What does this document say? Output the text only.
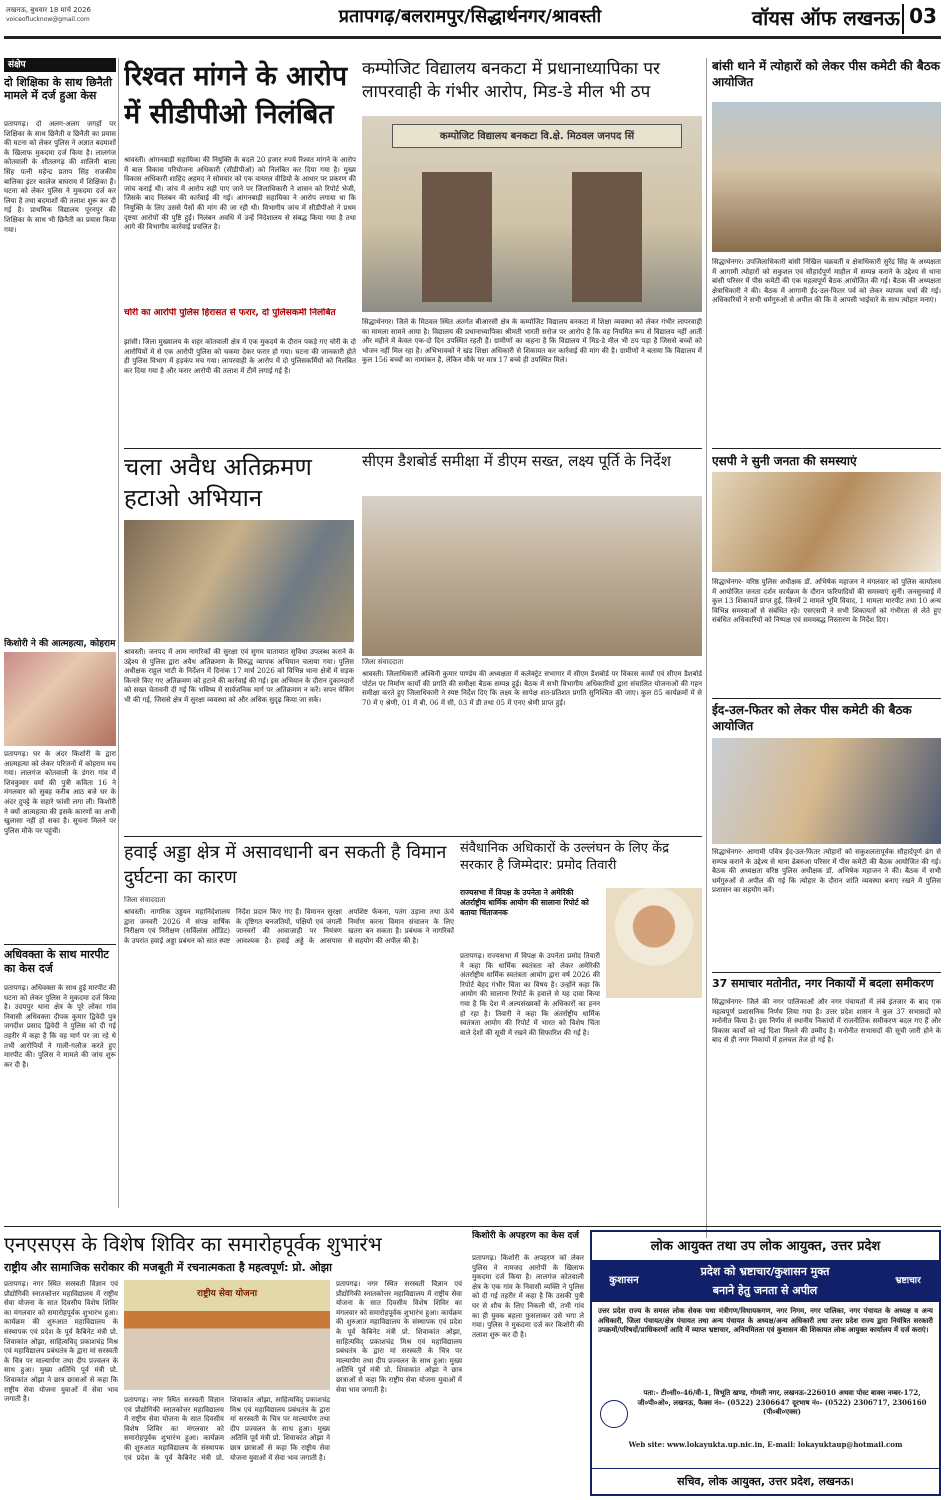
लखनऊ, बुधवार 18 मार्च 2026
voiceoflucknow@gmail.com	प्रतापगढ़/बलरामपुर/सिद्धार्थनगर/श्रावस्ती	वॉयस ऑफ लखनऊ 03
संक्षेप
दो शिक्षिका के साथ छिनैती मामले में दर्ज हुआ केस
प्रतापगढ़। दो अलग-अलग जगहों पर शिक्षिका के साथ छिनैती व छिनैती का प्रयास की घटना को लेकर पुलिस ने अज्ञात बदमाशों के खिलाफ मुकदमा दर्ज किया है। लालगंज कोतवाली के शीतलगढ़ की शालिनी बाला सिंह पत्नी महेन्द्र प्रताप सिंह राजकीय बालिका इंटर कालेज बाघराय में शिक्षिका हैं। घटना को लेकर पुलिस ने मुकदमा दर्ज कर लिया है तथा बदमाशों की तलाश शुरू कर दी गई है। प्राथमिक विद्यालय पूरनपुर की शिक्षिका के साथ भी छिनैती का प्रयास किया गया।
किशोरी ने की आत्महत्या, कोहराम
प्रतापगढ़। घर के अंदर किशोरी के द्वारा आत्महत्या को लेकर परिजनों में कोहराम मच गया। लालगंज कोतवाली के डंगरा गांव में शिवकुमार वर्मा की पुत्री कविता 16 ने मंगलवार को सुबह करीब आठ बजे घर के अंदर दुपट्टे के सहारे फांसी लगा ली। किशोरी ने क्यों आत्महत्या की इसके कारणों का अभी खुलासा नहीं हो सका है। सूचना मिलने पर पुलिस मौके पर पहुंची।
अधिवक्ता के साथ मारपीट का केस दर्ज
प्रतापगढ़। अधिवक्ता के साथ हुई मारपीट की घटना को लेकर पुलिस ने मुकदमा दर्ज किया है। उदयपुर थाना क्षेत्र के पूरे लोका गांव निवासी अधिवक्ता दीपक कुमार द्विवेदी पुत्र जगदीश प्रसाद द्विवेदी ने पुलिस को दी गई तहरीर में कहा है कि वह मार्ग पर जा रहे थे तभी आरोपियों ने गाली-गलौज करते हुए मारपीट की। पुलिस ने मामले की जांच शुरू कर दी है।
रिश्वत मांगने के आरोप में सीडीपीओ निलंबित
श्रावस्ती। आंगनबाड़ी सहायिका की नियुक्ति के बदले 20 हजार रुपये रिश्वत मांगने के आरोप में बाल विकास परियोजना अधिकारी (सीडीपीओ) को निलंबित कर दिया गया है। मुख्य विकास अधिकारी शाहिद अहमद ने सोमवार को एक वायरल वीडियो के आधार पर प्रकरण की जांच कराई थी। जांच में आरोप सही पाए जाने पर जिलाधिकारी ने शासन को रिपोर्ट भेजी, जिसके बाद निलंबन की कार्रवाई की गई। आंगनबाड़ी सहायिका ने आरोप लगाया था कि नियुक्ति के लिए उससे पैसों की मांग की जा रही थी। विभागीय जांच में सीडीपीओ ने प्रथम दृष्टया आरोपों की पुष्टि हुई। निलंबन अवधि में उन्हें निदेशालय से संबद्ध किया गया है तथा आगे की विभागीय कार्रवाई प्रचलित है।
चोरी का आरोपी पुलिस हिरासत से फरार, दो पुलिसकर्मी निलंबित
झांसी। जिला मुख्यालय के शहर कोतवाली क्षेत्र में एक मुकदमे के दौरान पकड़े गए चोरी के दो आरोपियों में से एक आरोपी पुलिस को चकमा देकर फरार हो गया। घटना की जानकारी होते ही पुलिस विभाग में हड़कंप मच गया। लापरवाही के आरोप में दो पुलिसकर्मियों को निलंबित कर दिया गया है और फरार आरोपी की तलाश में टीमें लगाई गई हैं।
कम्पोजिट विद्यालय बनकटा में प्रधानाध्यापिका पर लापरवाही के गंभीर आरोप, मिड-डे मील भी ठप
कम्पोजिट विद्यालय बनकटा वि.क्षे. मिठवल जनपद सिं
सिद्धार्थनगर। जिले के मिठवल स्थित अंतर्गत बीआरसी क्षेत्र के कम्पोजिट विद्यालय बनकटा में शिक्षा व्यवस्था को लेकर गंभीर लापरवाही का मामला सामने आया है। विद्यालय की प्रधानाध्यापिका श्रीमती भारती सरोज पर आरोप है कि वह नियमित रूप से विद्यालय नहीं आतीं और महीने में केवल एक-दो दिन उपस्थित रहती हैं। ग्रामीणों का कहना है कि विद्यालय में मिड-डे मील भी ठप पड़ा है जिससे बच्चों को भोजन नहीं मिल रहा है। अभिभावकों ने खंड शिक्षा अधिकारी से शिकायत कर कार्रवाई की मांग की है। ग्रामीणों ने बताया कि विद्यालय में कुल 156 बच्चों का नामांकन है, लेकिन मौके पर मात्र 17 बच्चे ही उपस्थित मिले।
बांसी थाने में त्योहारों को लेकर पीस कमेटी की बैठक आयोजित
सिद्धार्थनगर। उपजिलाधिकारी बांसी निखिल चक्रवर्ती व क्षेत्राधिकारी सुरेंद्र सिंह के अध्यक्षता में आगामी त्योहारों को सकुशल एवं सौहार्दपूर्ण माहौल में सम्पन्न कराने के उद्देश्य से थाना बांसी परिसर में पीस कमेटी की एक महत्वपूर्ण बैठक आयोजित की गई। बैठक की अध्यक्षता क्षेत्राधिकारी ने की। बैठक में आगामी ईद-उल-फितर पर्व को लेकर व्यापक चर्चा की गई। अधिकारियों ने सभी धर्मगुरुओं से अपील की कि वे आपसी भाईचारे के साथ त्योहार मनाएं।
एसपी ने सुनी जनता की समस्याएं
सिद्धार्थनगर- वरिष्ठ पुलिस अधीक्षक डॉ. अभिषेक महाजन ने मंगलवार को पुलिस कार्यालय में आयोजित जनता दर्शन कार्यक्रम के दौरान फरियादियों की समस्याएं सुनीं। जनसुनवाई में कुल 13 शिकायतें प्राप्त हुईं, जिनमें 2 मामले भूमि विवाद, 1 मामला मारपीट तथा 10 अन्य विभिन्न समस्याओं से संबंधित रहे। एसएसपी ने सभी शिकायतों को गंभीरता से लेते हुए संबंधित अधिकारियों को निष्पक्ष एवं समयबद्ध निस्तारण के निर्देश दिए।
चला अवैध अतिक्रमण हटाओ अभियान
श्रावस्ती। जनपद में आम नागरिकों की सुरक्षा एवं सुगम यातायात सुविधा उपलब्ध कराने के उद्देश्य से पुलिस द्वारा अवैध अतिक्रमण के विरुद्ध व्यापक अभियान चलाया गया। पुलिस अधीक्षक राहुल भाटी के निर्देशन में दिनांक 17 मार्च 2026 को विभिन्न थाना क्षेत्रों में सड़क किनारे किए गए अतिक्रमण को हटाने की कार्रवाई की गई। इस अभियान के दौरान दुकानदारों को सख्त चेतावनी दी गई कि भविष्य में सार्वजनिक मार्ग पर अतिक्रमण न करें। सपन चेकिंग भी की गई, जिससे क्षेत्र में सुरक्षा व्यवस्था को और अधिक सुदृढ़ किया जा सके।
सीएम डैशबोर्ड समीक्षा में डीएम सख्त, लक्ष्य पूर्ति के निर्देश
जिला संवाददाता
श्रावस्ती। जिलाधिकारी अश्विनी कुमार पाण्डेय की अध्यक्षता में कलेक्ट्रेट सभागार में सीएम डैशबोर्ड पर विकास कार्यों एवं सीएम डैशबोर्ड पोर्टल पर निर्माण कार्यों की प्रगति की समीक्षा बैठक सम्पन्न हुई। बैठक में सभी विभागीय अधिकारियों द्वारा संचालित योजनाओं की गहन समीक्षा करते हुए जिलाधिकारी ने स्पष्ट निर्देश दिए कि लक्ष्य के सापेक्ष शत-प्रतिशत प्रगति सुनिश्चित की जाए। कुल 85 कार्यक्रमों में से 70 में ए श्रेणी, 01 में बी, 06 में सी, 03 में डी तथा 05 में एनए श्रेणी प्राप्त हुई।
ईद-उल-फितर को लेकर पीस कमेटी की बैठक आयोजित
सिद्धार्थनगर- आगामी पवित्र ईद-उल-फितर त्योहारों को सकुशलतापूर्वक सौहार्दपूर्ण ढंग से सम्पन्न कराने के उद्देश्य से थाना ढेबरुआ परिसर में पीस कमेटी की बैठक आयोजित की गई। बैठक की अध्यक्षता वरिष्ठ पुलिस अधीक्षक डॉ. अभिषेक महाजन ने की। बैठक में सभी धर्मगुरुओं से अपील की गई कि त्योहार के दौरान शांति व्यवस्था बनाए रखने में पुलिस प्रशासन का सहयोग करें।
हवाई अड्डा क्षेत्र में असावधानी बन सकती है विमान दुर्घटना का कारण
जिला संवाददाता
श्रावस्ती। नागरिक उड्डयन महानिदेशालय द्वारा जनवरी 2026 में संपन्न वार्षिक निरीक्षण एवं निरीक्षण (सर्विलांस ऑडिट) के उपरांत हवाई अड्डा प्रबंधन को सात स्पष्ट निर्देश प्रदान किए गए हैं। विमानन सुरक्षा के दृष्टिगत बनजतियों, पक्षियों एवं जंगली जानवरों की आवाजाही पर नियंत्रण आवश्यक है। हवाई अड्डे के आसपास अपशिष्ट फेंकना, पतंग उड़ाना तथा ऊंचे निर्माण करना विमान संचालन के लिए खतरा बन सकता है। प्रबंधक ने नागरिकों से सहयोग की अपील की है।
संवैधानिक अधिकारों के उल्लंघन के लिए केंद्र सरकार है जिम्मेदार: प्रमोद तिवारी
राज्यसभा में विपक्ष के उपनेता ने अमेरिकी अंतर्राष्ट्रीय धार्मिक आयोग की सालाना रिपोर्ट को बताया चिंताजनक
प्रतापगढ़। राज्यसभा में विपक्ष के उपनेता प्रमोद तिवारी ने कहा कि धार्मिक स्वतंत्रता को लेकर अमेरिकी अंतर्राष्ट्रीय धार्मिक स्वतंत्रता आयोग द्वारा वर्ष 2026 की रिपोर्ट बेहद गंभीर चिंता का विषय है। उन्होंने कहा कि आयोग की सालाना रिपोर्ट के हवाले से यह दावा किया गया है कि देश में अल्पसंख्यकों के अधिकारों का हनन हो रहा है। तिवारी ने कहा कि अंतर्राष्ट्रीय धार्मिक स्वतंत्रता आयोग की रिपोर्ट में भारत को विशेष चिंता वाले देशों की सूची में रखने की सिफारिश की गई है।
37 समाचार मतोनीत, नगर निकायों में बदला समीकरण
सिद्धार्थनगर- जिले की नगर पालिकाओं और नगर पंचायतों में लंबे इंतजार के बाद एक महत्वपूर्ण प्रशासनिक निर्णय लिया गया है। उत्तर प्रदेश शासन ने कुल 37 सभासदों को मनोनीत किया है। इस निर्णय से स्थानीय निकायों में राजनीतिक समीकरण बदल गए हैं और विकास कार्यों को नई दिशा मिलने की उम्मीद है। मनोनीत सभासदों की सूची जारी होने के बाद से ही नगर निकायों में हलचल तेज हो गई है।
एनएसएस के विशेष शिविर का समारोहपूर्वक शुभारंभ
राष्ट्रीय और सामाजिक सरोकार की मजबूती में रचनात्मकता है महत्वपूर्ण: प्रो. ओझा
प्रतापगढ़। नगर स्थित सरस्वती विज्ञान एवं प्रौद्योगिकी स्नातकोत्तर महाविद्यालय में राष्ट्रीय सेवा योजना के सात दिवसीय विशेष शिविर का मंगलवार को समारोहपूर्वक शुभारंभ हुआ। कार्यक्रम की शुरुआत महाविद्यालय के संस्थापक एवं प्रदेश के पूर्व कैबिनेट मंत्री प्रो. शिवाकांत ओझा, साहित्यविद् प्रकाशचंद्र मिश्र एवं महाविद्यालय प्रबंधतंत्र के द्वारा मां सरस्वती के चित्र पर माल्यार्पण तथा दीप प्रज्वलन के साथ हुआ। मुख्य अतिथि पूर्व मंत्री प्रो. शिवाकांत ओझा ने छात्र छात्राओं से कहा कि राष्ट्रीय सेवा योजना युवाओं में सेवा भाव जगाती है।
राष्ट्रीय सेवा योजना
प्रतापगढ़। नगर स्थित सरस्वती विज्ञान एवं प्रौद्योगिकी स्नातकोत्तर महाविद्यालय में राष्ट्रीय सेवा योजना के सात दिवसीय विशेष शिविर का मंगलवार को समारोहपूर्वक शुभारंभ हुआ। कार्यक्रम की शुरुआत महाविद्यालय के संस्थापक एवं प्रदेश के पूर्व कैबिनेट मंत्री प्रो. शिवाकांत ओझा, साहित्यविद् प्रकाशचंद्र मिश्र एवं महाविद्यालय प्रबंधतंत्र के द्वारा मां सरस्वती के चित्र पर माल्यार्पण तथा दीप प्रज्वलन के साथ हुआ। मुख्य अतिथि पूर्व मंत्री प्रो. शिवाकांत ओझा ने छात्र छात्राओं से कहा कि राष्ट्रीय सेवा योजना युवाओं में सेवा भाव जगाती है।
प्रतापगढ़। नगर स्थित सरस्वती विज्ञान एवं प्रौद्योगिकी स्नातकोत्तर महाविद्यालय में राष्ट्रीय सेवा योजना के सात दिवसीय विशेष शिविर का मंगलवार को समारोहपूर्वक शुभारंभ हुआ। कार्यक्रम की शुरुआत महाविद्यालय के संस्थापक एवं प्रदेश के पूर्व कैबिनेट मंत्री प्रो. शिवाकांत ओझा, साहित्यविद् प्रकाशचंद्र मिश्र एवं महाविद्यालय प्रबंधतंत्र के द्वारा मां सरस्वती के चित्र पर माल्यार्पण तथा दीप प्रज्वलन के साथ हुआ। मुख्य अतिथि पूर्व मंत्री प्रो. शिवाकांत ओझा ने छात्र छात्राओं से कहा कि राष्ट्रीय सेवा योजना युवाओं में सेवा भाव जगाती है।
किशोरी के अपहरण का केस दर्ज
प्रतापगढ़। किशोरी के अपहरण को लेकर पुलिस ने नामजद आरोपी के खिलाफ मुकदमा दर्ज किया है। लालगंज कोतवाली क्षेत्र के एक गांव के निवासी व्यक्ति ने पुलिस को दी गई तहरीर में कहा है कि उसकी पुत्री घर से शौच के लिए निकली थी, तभी गांव का ही युवक बहला फुसलाकर उसे भगा ले गया। पुलिस ने मुकदमा दर्ज कर किशोरी की तलाश शुरू कर दी है।
लोक आयुक्त तथा उप लोक आयुक्त, उत्तर प्रदेश
कुशासन
प्रदेश को भ्रष्टाचार/कुशासन मुक्त
बनाने हेतु जनता से अपील
भ्रष्टाचार
उत्तर प्रदेश राज्य के समस्त लोक सेवक यथा मंत्रीगण/विधायकगण, नगर निगम, नगर पालिका, नगर पंचायत के अध्यक्ष व अन्य अधिकारी, जिला पंचायत/क्षेत्र पंचायत तथा अन्य पंचायत के अध्यक्ष/अन्य अधिकारी तथा उत्तर प्रदेश राज्य द्वारा नियंत्रित सरकारी उपक्रमों/परिषदों/प्राधिकरणों आदि में व्याप्त भ्रष्टाचार, अनियमितता एवं कुशासन की शिकायत लोक आयुक्त कार्यालय में दर्ज कराएं।
पता:- टी०सी०-46/वी-1, विभूति खण्ड, गोमती नगर, लखनऊ-226010 अथवा पोस्ट बाक्स नम्बर-172, जी०पी०ओ०, लखनऊ, फैक्स नं०- (0522) 2306647 दूरभाष नं०- (0522) 2306717, 2306160 (पी०बी०एक्स)
Web site: www.lokayukta.up.nic.in, E-mail: lokayuktaup@hotmail.com
सचिव, लोक आयुक्त, उत्तर प्रदेश, लखनऊ।
